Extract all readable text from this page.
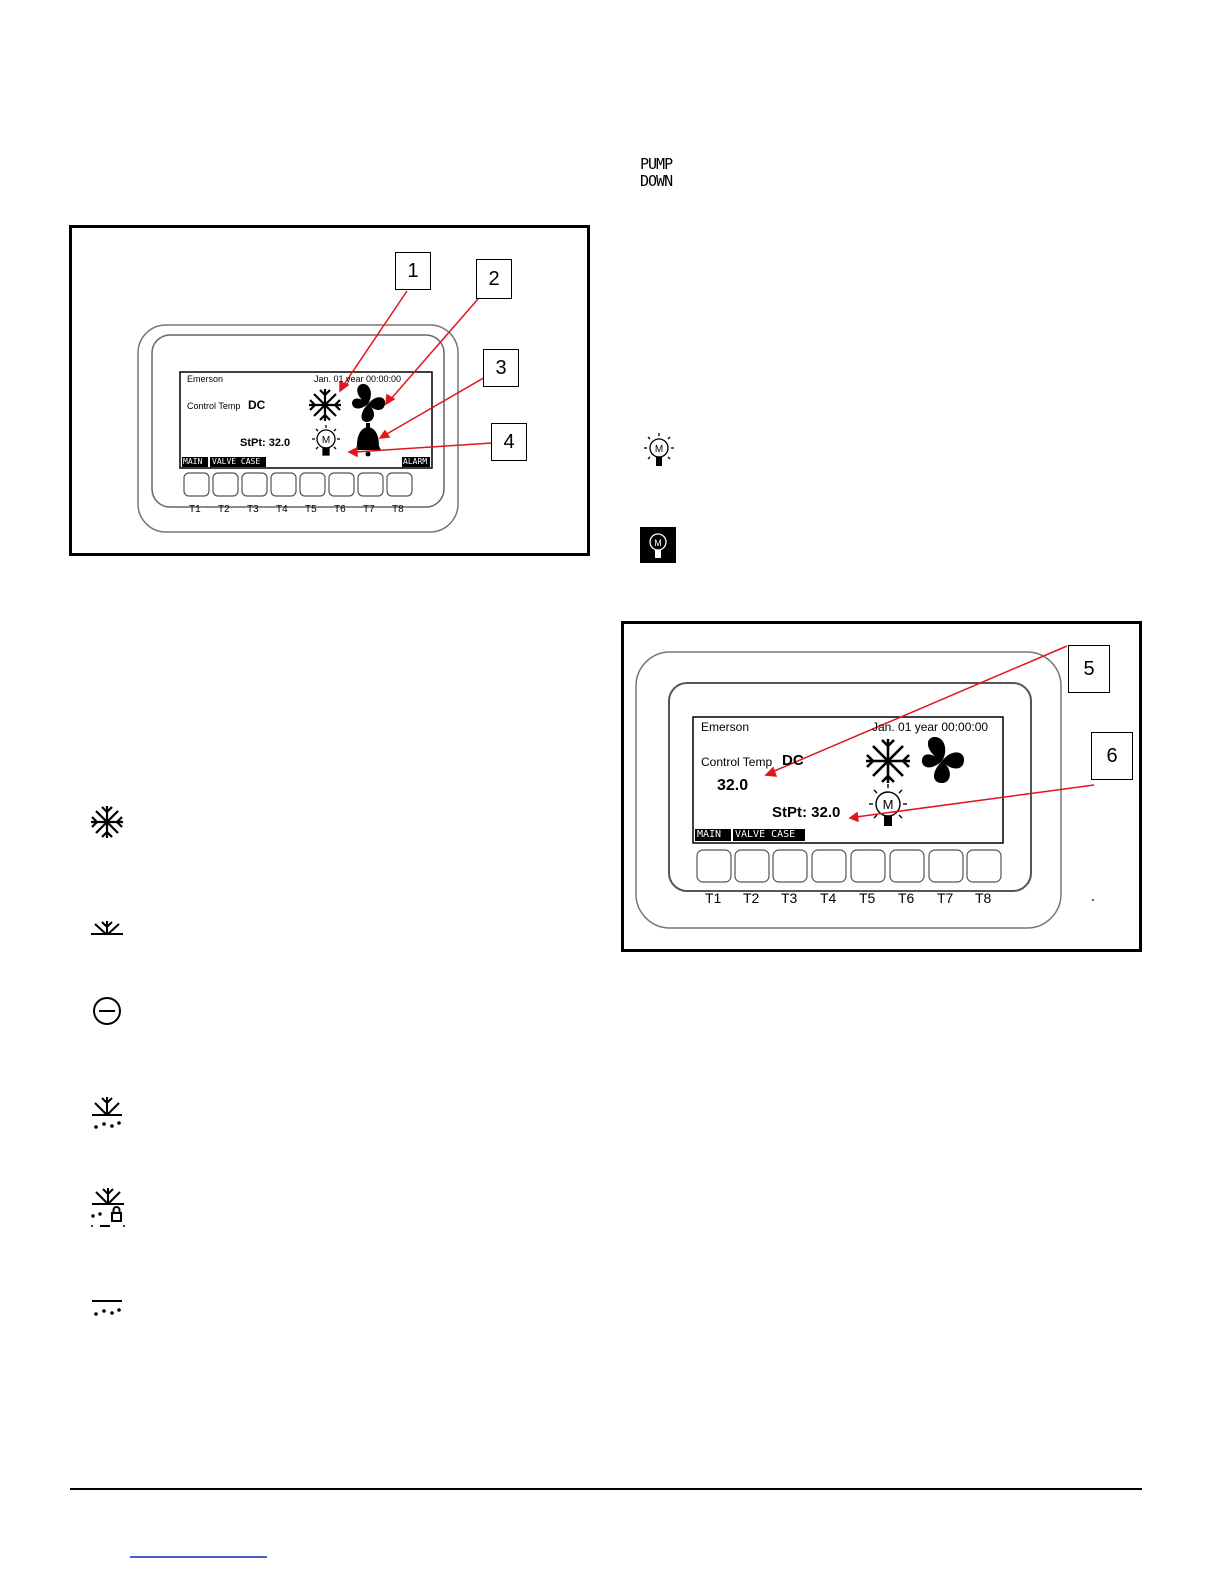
PUMP
DOWN
M
Emerson	Jan. 01 year 00:00:00
Control Temp DC
StPt: 32.0
MAIN VALVE CASE	ALARM
T1 T2 T3 T4 T5 T6 T7 T8
1	2
3
4	M
M
M
Emerson	Jan. 01 year 00:00:00
Control Temp DC
32.0
StPt: 32.0
MAIN VALVE CASE
T1 T2 T3 T4 T5 T6 T7 T8
5
6
